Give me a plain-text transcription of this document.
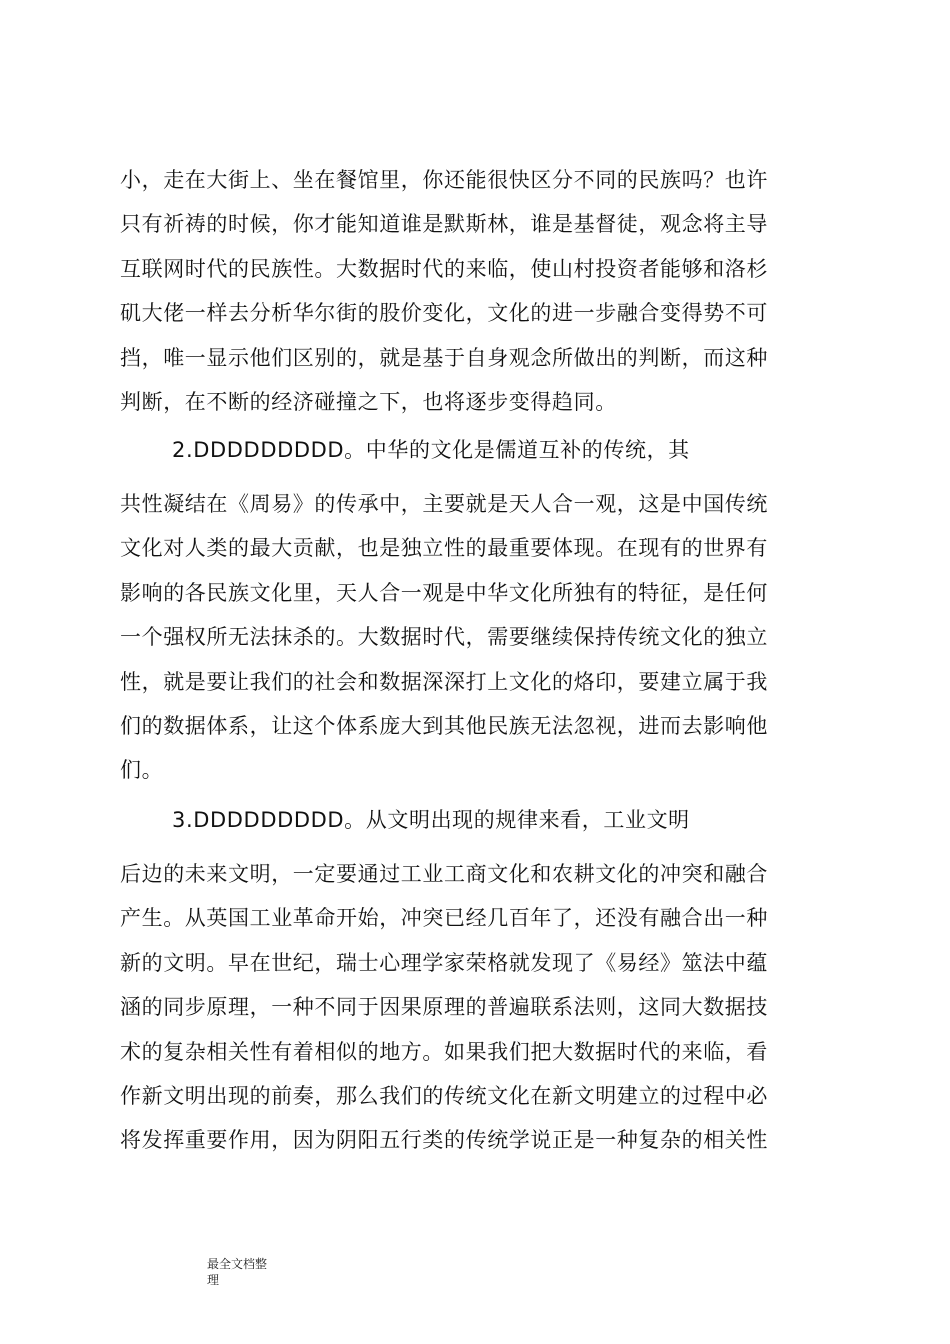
小，走在大街上、坐在餐馆里，你还能很快区分不同的民族吗？也许
只有祈祷的时候，你才能知道谁是默斯林，谁是基督徒，观念将主导
互联网时代的民族性。大数据时代的来临，使山村投资者能够和洛杉
矶大佬一样去分析华尔街的股价变化，文化的进一步融合变得势不可
挡，唯一显示他们区别的，就是基于自身观念所做出的判断，而这种
判断，在不断的经济碰撞之下，也将逐步变得趋同。
2.DDDDDDDDD。中华的文化是儒道互补的传统，其
共性凝结在《周易》的传承中，主要就是天人合一观，这是中国传统
文化对人类的最大贡献，也是独立性的最重要体现。在现有的世界有
影响的各民族文化里，天人合一观是中华文化所独有的特征，是任何
一个强权所无法抹杀的。大数据时代，需要继续保持传统文化的独立
性，就是要让我们的社会和数据深深打上文化的烙印，要建立属于我
们的数据体系，让这个体系庞大到其他民族无法忽视，进而去影响他
们。
3.DDDDDDDDD。从文明出现的规律来看，工业文明
后边的未来文明，一定要通过工业工商文化和农耕文化的冲突和融合
产生。从英国工业革命开始，冲突已经几百年了，还没有融合出一种
新的文明。早在世纪，瑞士心理学家荣格就发现了《易经》筮法中蕴
涵的同步原理，一种不同于因果原理的普遍联系法则，这同大数据技
术的复杂相关性有着相似的地方。如果我们把大数据时代的来临，看
作新文明出现的前奏，那么我们的传统文化在新文明建立的过程中必
将发挥重要作用，因为阴阳五行类的传统学说正是一种复杂的相关性
最全文档整
理
